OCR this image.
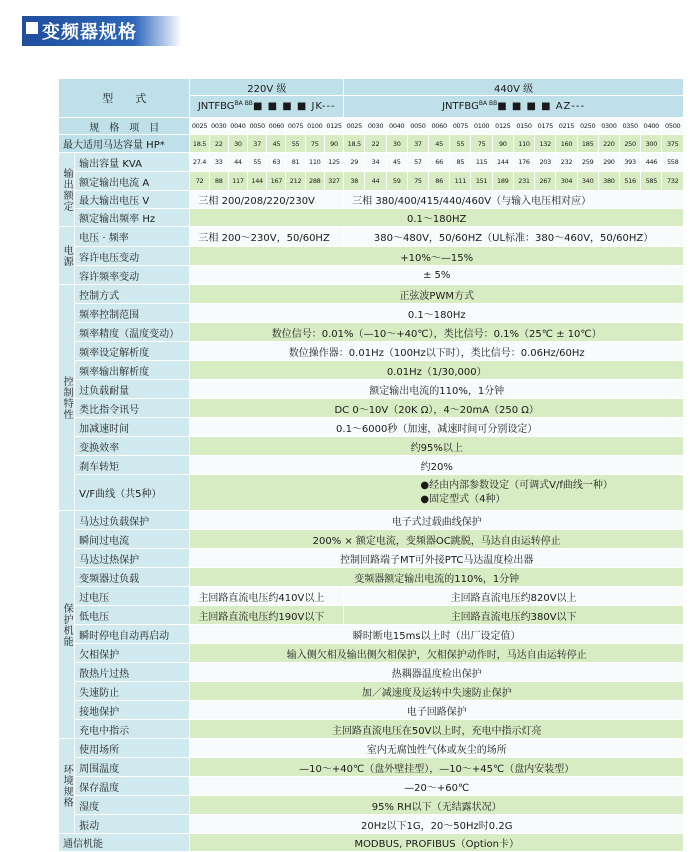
变频器规格
型　　式		220V 级								440V 级															
		JNTFBGBA BB■ ■ ■ ■ JK---								JNTFBGBA BB■ ■ ■ ■ AZ---															
规　格　项　目		0025	0030	0040	0050	0060	0075	0100	0125	0025	0030	0040	0050	0060	0075	0100	0125	0150	0175	0215	0250	0300	0350	0400	0500
最大适用马达容量 HP*		18.5	22	30	37	45	55	75	90	18.5	22	30	37	45	55	75	90	110	132	160	185	220	250	300	375
输出额定	输出容量 KVA	27.4	33	44	55	63	81	110	125	29	34	45	57	66	85	115	144	176	203	232	259	290	393	446	558
	额定输出电流 A	72	88	117	144	167	212	288	327	38	44	59	75	86	111	151	189	231	267	304	340	380	516	585	732
	最大输出电压 V	三相 200/208/220/230V								三相 380/400/415/440/460V（与输入电压相对应）															
	额定输出频率 Hz	0.1～180HZ																							
电源	电压 · 频率	三相 200～230V，50/60HZ								380～480V，50/60HZ（UL标准：380～460V，50/60HZ）															
	容许电压变动	+10%～—15%																							
	容许频率变动	± 5%																							
控制特性	控制方式	正弦波PWM方式																							
	频率控制范围	0.1～180Hz																							
	频率精度（温度变动）	数位信号：0.01%（—10～+40℃），类比信号：0.1%（25℃ ± 10℃）																							
	频率设定解析度	数位操作器：0.01Hz（100Hz以下时），类比信号：0.06Hz/60Hz																							
	频率输出解析度	0.01Hz（1/30,000）																							
	过负载耐量	额定输出电流的110%，1分钟																							
	类比指令讯号	DC 0～10V（20K Ω），4～20mA（250 Ω）																							
	加减速时间	0.1～6000秒（加速，减速时间可分别设定）																							
	变换效率	约95%以上																							
	刹车转矩	约20%																							
	V/F曲线（共5种）	●经由内部参数设定（可调式V/f曲线一种）
●固定型式（4种）																							

保护机能	马达过负载保护	电子式过载曲线保护																							
	瞬间过电流	200% × 额定电流，变频器OC跳脱，马达自由运转停止																							
	马达过热保护	控制回路端子MT可外接PTC马达温度检出器																							
	变频器过负载	变频器额定输出电流的110%，1分钟																							
	过电压	主回路直流电压约410V以上								主回路直流电压约820V以上															
	低电压	主回路直流电压约190V以下								主回路直流电压约380V以下															
	瞬时停电自动再启动	瞬时断电15ms以上时（出厂设定值）																							
	欠相保护	输入侧欠相及输出侧欠相保护，欠相保护动作时，马达自由运转停止																							
	散热片过热	热耦器温度检出保护																							
	失速防止	加／减速度及运转中失速防止保护																							
	接地保护	电子回路保护																							
	充电中指示	主回路直流电压在50V以上时，充电中指示灯亮																							
环境规格	使用场所	室内无腐蚀性气体或灰尘的场所																							
	周围温度	—10～+40℃（盘外壁挂型），—10～+45℃（盘内安装型）																							
	保存温度	—20～+60℃																							
	湿度	95% RH以下（无结露状况）																							
	振动	20Hz以下1G，20～50Hz时0.2G																							
通信机能		MODBUS, PROFIBUS（Option卡）																							
